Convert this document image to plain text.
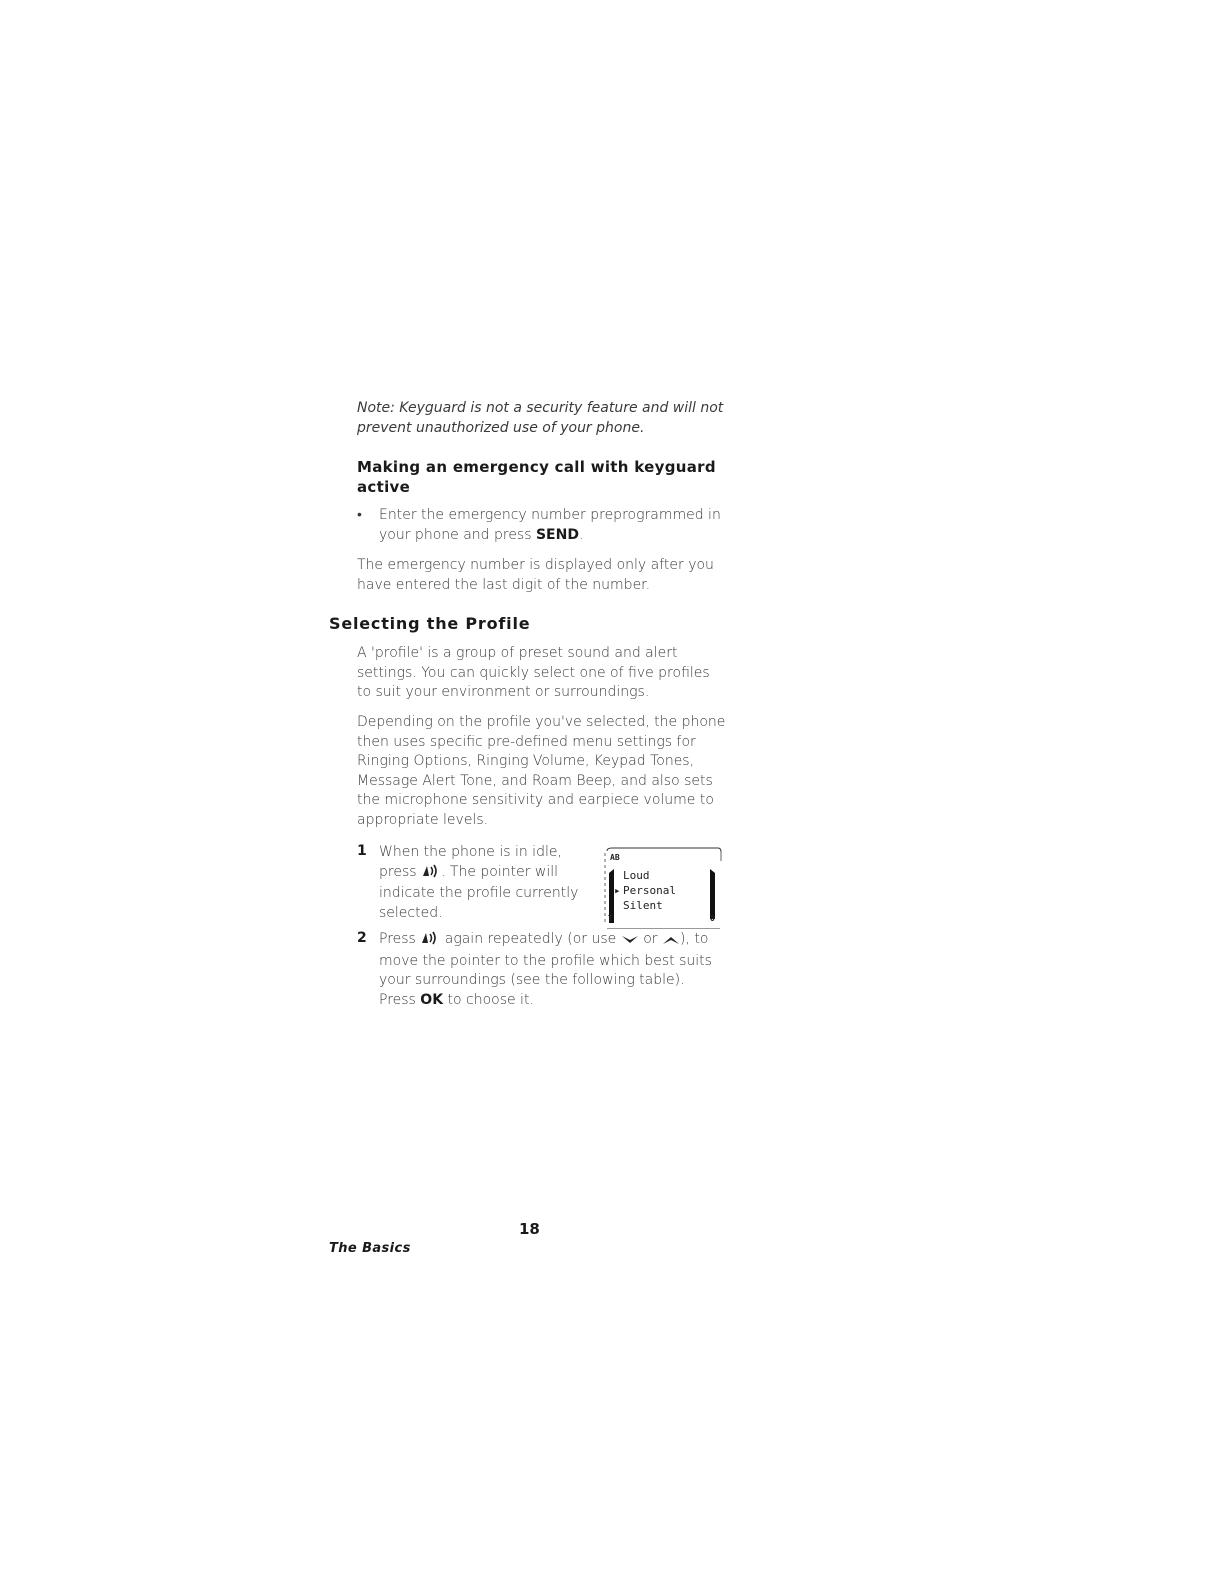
Note: Keyguard is not a security feature and will not prevent unauthorized use of your phone.
Making an emergency call with keyguard active
• Enter the emergency number preprogrammed in your phone and press SEND.
The emergency number is displayed only after you have entered the last digit of the number.
Selecting the Profile
A 'profile' is a group of preset sound and alert settings. You can quickly select one of five profiles to suit your environment or surroundings.
Depending on the profile you've selected, the phone then uses specific pre-defined menu settings for Ringing Options, Ringing Volume, Keypad Tones, Message Alert Tone, and Roam Beep, and also sets the microphone sensitivity and earpiece volume to appropriate levels.
1 When the phone is in idle, press . The pointer will indicate the profile currently selected.
AB
Loud
▸ Personal
Silent
T	0
2 Press  again repeatedly (or use  or ), to move the pointer to the profile which best suits your surroundings (see the following table). Press OK to choose it.
18
The Basics
